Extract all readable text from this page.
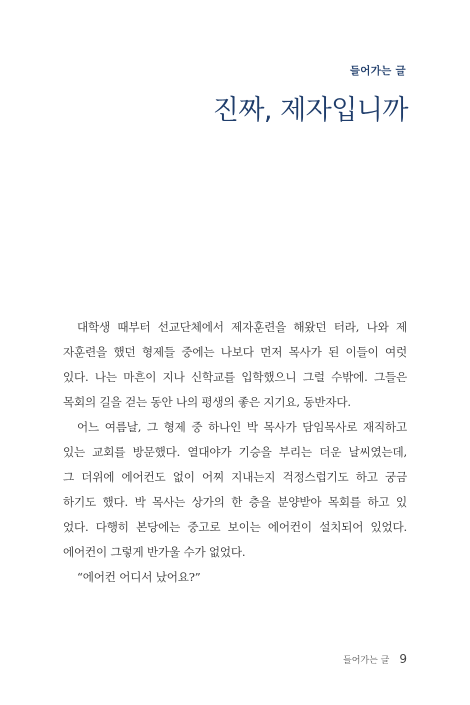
들어가는 글
진짜, 제자입니까
대학생 때부터 선교단체에서 제자훈련을 해왔던 터라, 나와 제
자훈련을 했던 형제들 중에는 나보다 먼저 목사가 된 이들이 여럿
있다. 나는 마흔이 지나 신학교를 입학했으니 그럴 수밖에. 그들은
목회의 길을 걷는 동안 나의 평생의 좋은 지기요, 동반자다.
어느 여름날, 그 형제 중 하나인 박 목사가 담임목사로 재직하고
있는 교회를 방문했다. 열대야가 기승을 부리는 더운 날씨였는데,
그 더위에 에어컨도 없이 어찌 지내는지 걱정스럽기도 하고 궁금
하기도 했다. 박 목사는 상가의 한 층을 분양받아 목회를 하고 있
었다. 다행히 본당에는 중고로 보이는 에어컨이 설치되어 있었다.
에어컨이 그렇게 반가울 수가 없었다.
“에어컨 어디서 났어요?”
들어가는 글 9
